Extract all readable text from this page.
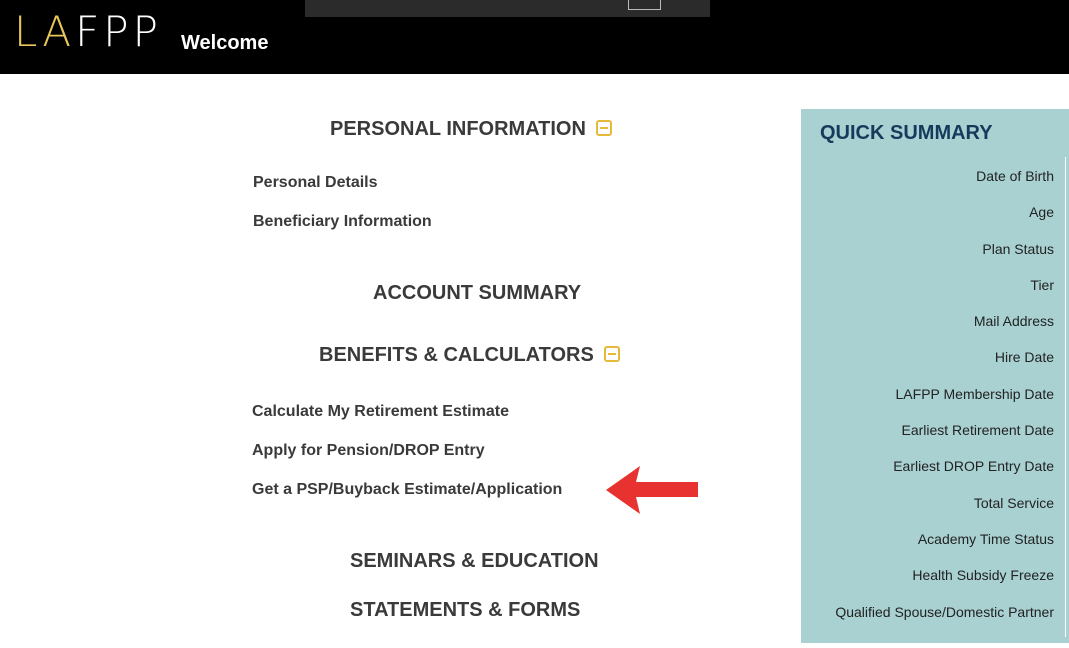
LAFPP Welcome
PERSONAL INFORMATION
Personal Details
Beneficiary Information
ACCOUNT SUMMARY
BENEFITS & CALCULATORS
Calculate My Retirement Estimate
Apply for Pension/DROP Entry
Get a PSP/Buyback Estimate/Application
SEMINARS & EDUCATION
STATEMENTS & FORMS
QUICK SUMMARY
Date of Birth
Age
Plan Status
Tier
Mail Address
Hire Date
LAFPP Membership Date
Earliest Retirement Date
Earliest DROP Entry Date
Total Service
Academy Time Status
Health Subsidy Freeze
Qualified Spouse/Domestic Partner
